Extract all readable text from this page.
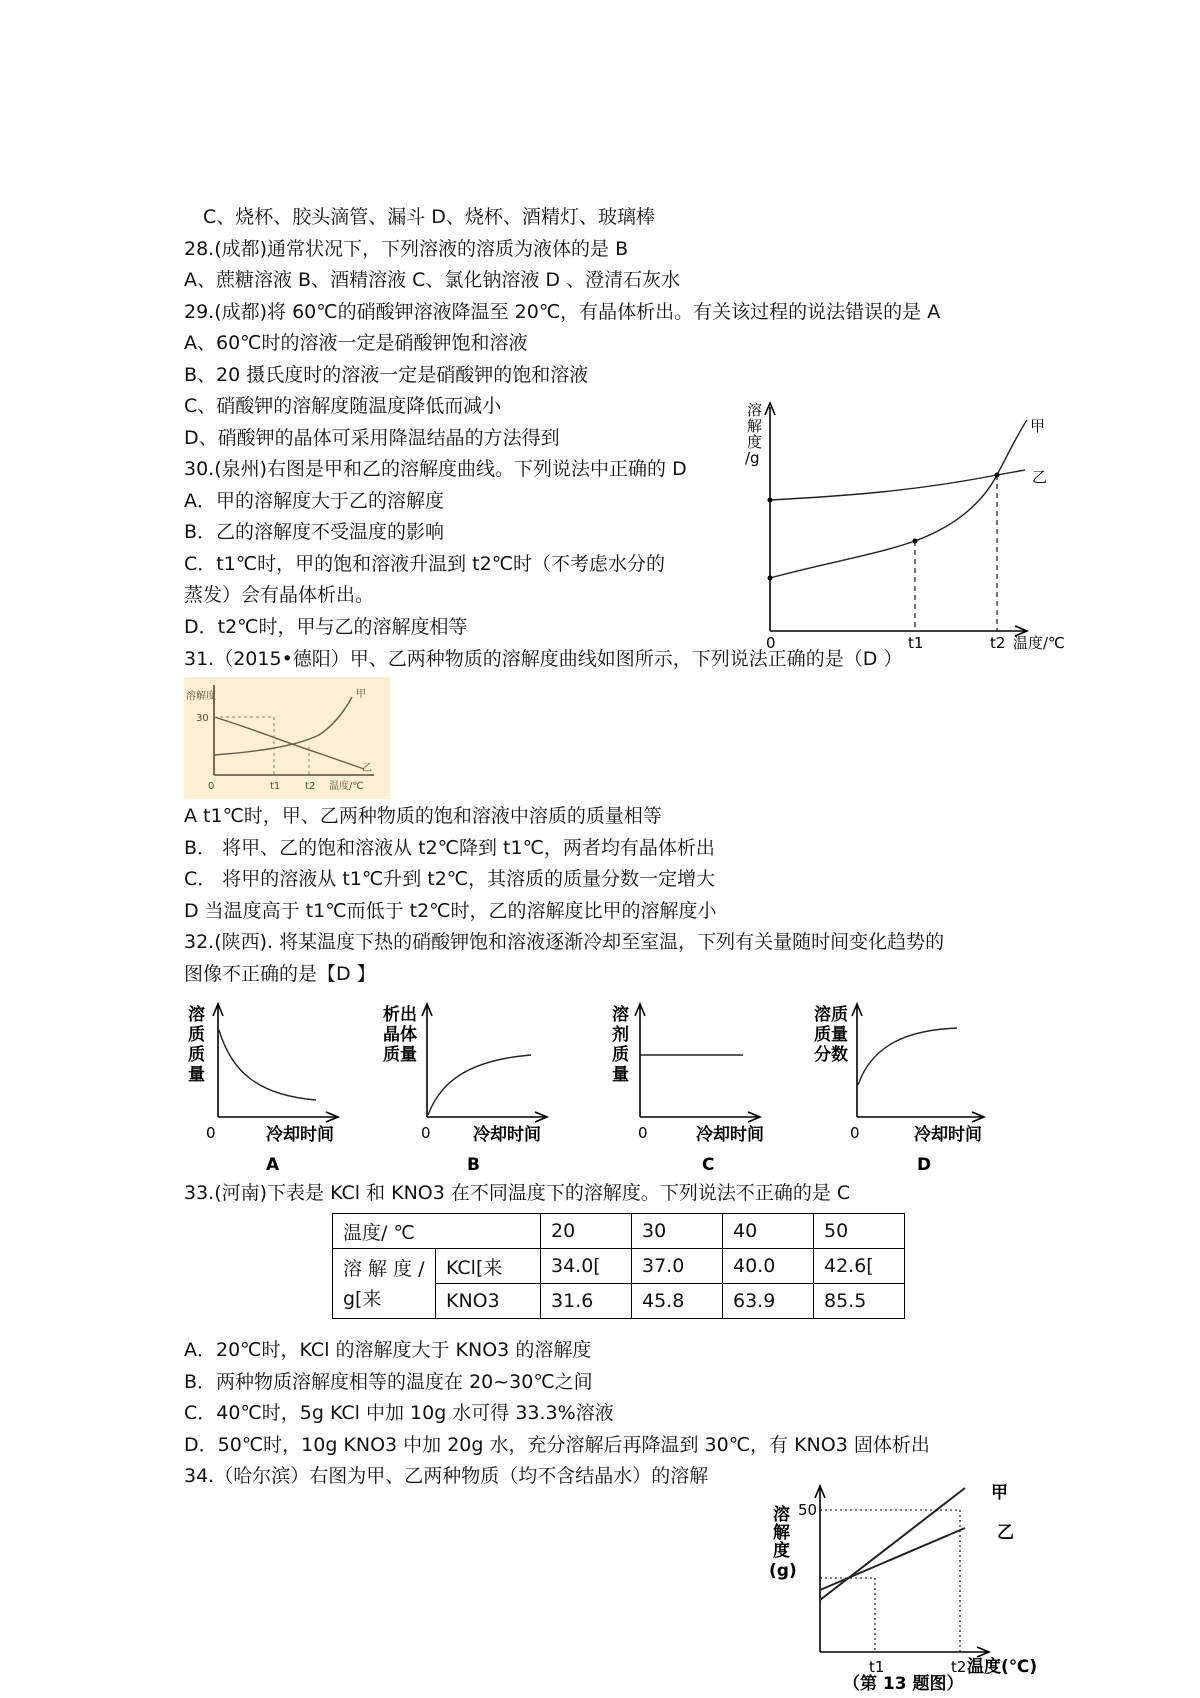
C、烧杯、胶头滴管、漏斗 D、烧杯、酒精灯、玻璃棒
28.(成都)通常状况下，下列溶液的溶质为液体的是 B
A、蔗糖溶液 B、酒精溶液 C、氯化钠溶液 D 、澄清石灰水
29.(成都)将 60℃的硝酸钾溶液降温至 20℃，有晶体析出。有关该过程的说法错误的是 A
A、60℃时的溶液一定是硝酸钾饱和溶液
B、20 摄氏度时的溶液一定是硝酸钾的饱和溶液
C、硝酸钾的溶解度随温度降低而减小
D、硝酸钾的晶体可采用降温结晶的方法得到
30.(泉州)右图是甲和乙的溶解度曲线。下列说法中正确的 D
A．甲的溶解度大于乙的溶解度
B．乙的溶解度不受温度的影响
C．t1℃时，甲的饱和溶液升温到 t2℃时（不考虑水分的
蒸发）会有晶体析出。
D．t2℃时，甲与乙的溶解度相等
31.（2015•德阳）甲、乙两种物质的溶解度曲线如图所示，下列说法正确的是（D ）
A t1℃时，甲、乙两种物质的饱和溶液中溶质的质量相等
B． 将甲、乙的饱和溶液从 t2℃降到 t1℃，两者均有晶体析出
C． 将甲的溶液从 t1℃升到 t2℃，其溶质的质量分数一定增大
D 当温度高于 t1℃而低于 t2℃时，乙的溶解度比甲的溶解度小
32.(陕西). 将某温度下热的硝酸钾饱和溶液逐渐冷却至室温，下列有关量随时间变化趋势的
图像不正确的是【D 】
33.(河南)下表是 KCl 和 KNO3 在不同温度下的溶解度。下列说法不正确的是 C
A．20℃时，KCl 的溶解度大于 KNO3 的溶解度
B．两种物质溶解度相等的温度在 20~30℃之间
C．40℃时，5g KCl 中加 10g 水可得 33.3%溶液
D．50℃时，10g KNO3 中加 20g 水，充分溶解后再降温到 30℃，有 KNO3 固体析出
34.（哈尔滨）右图为甲、乙两种物质（均不含结晶水）的溶解
溶
解
度
/g
甲
乙
0	t1	t2 温度/℃
溶解度
30
甲
乙
0	t1 t2 温度/℃
溶
质
质
量
0	冷却时间
A
析出
晶体
质量
0 冷却时间
B
溶
剂
质
量
0	冷却时间
C
溶质
质量
分数
0	冷却时间
D
温度/ ℃		20	30	40	50
溶 解 度 /g[来	KCl[来	34.0[	37.0	40.0	42.6[
	KNO3	31.6	45.8	63.9	85.5
溶
解
度
(g)
50
甲
乙
t1	t2 温度(℃)
（第 13 题图）
